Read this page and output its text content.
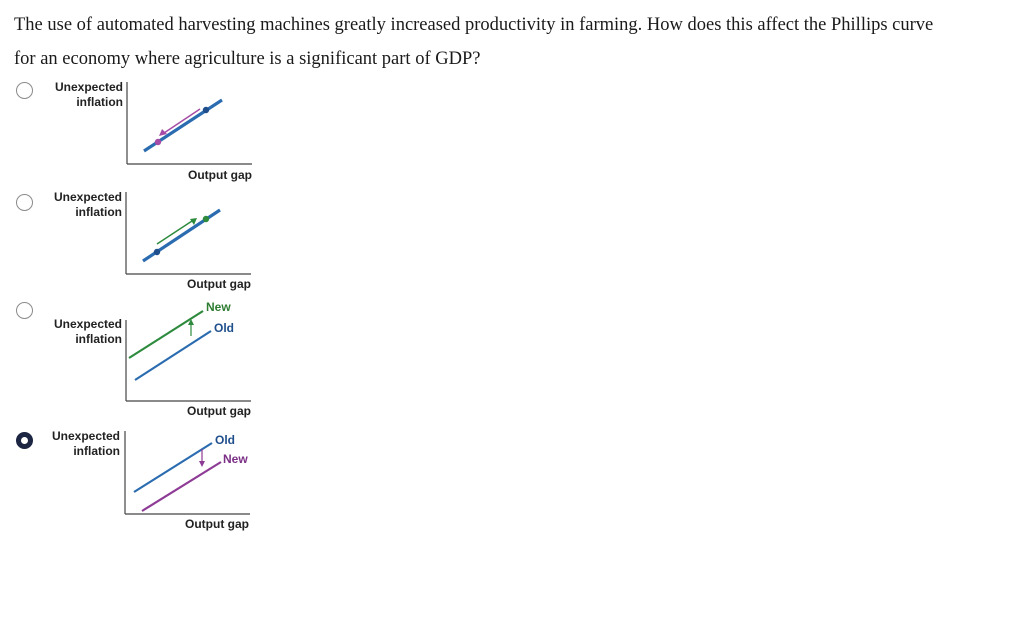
The use of automated harvesting machines greatly increased productivity in farming. How does this affect the Phillips curve
for an economy where agriculture is a significant part of GDP?

Unexpected
inflation
Output gap
Unexpected
inflation
Output gap
New
Old
Unexpected
inflation
Output gap
Old
New
Unexpected
inflation
Output gap
